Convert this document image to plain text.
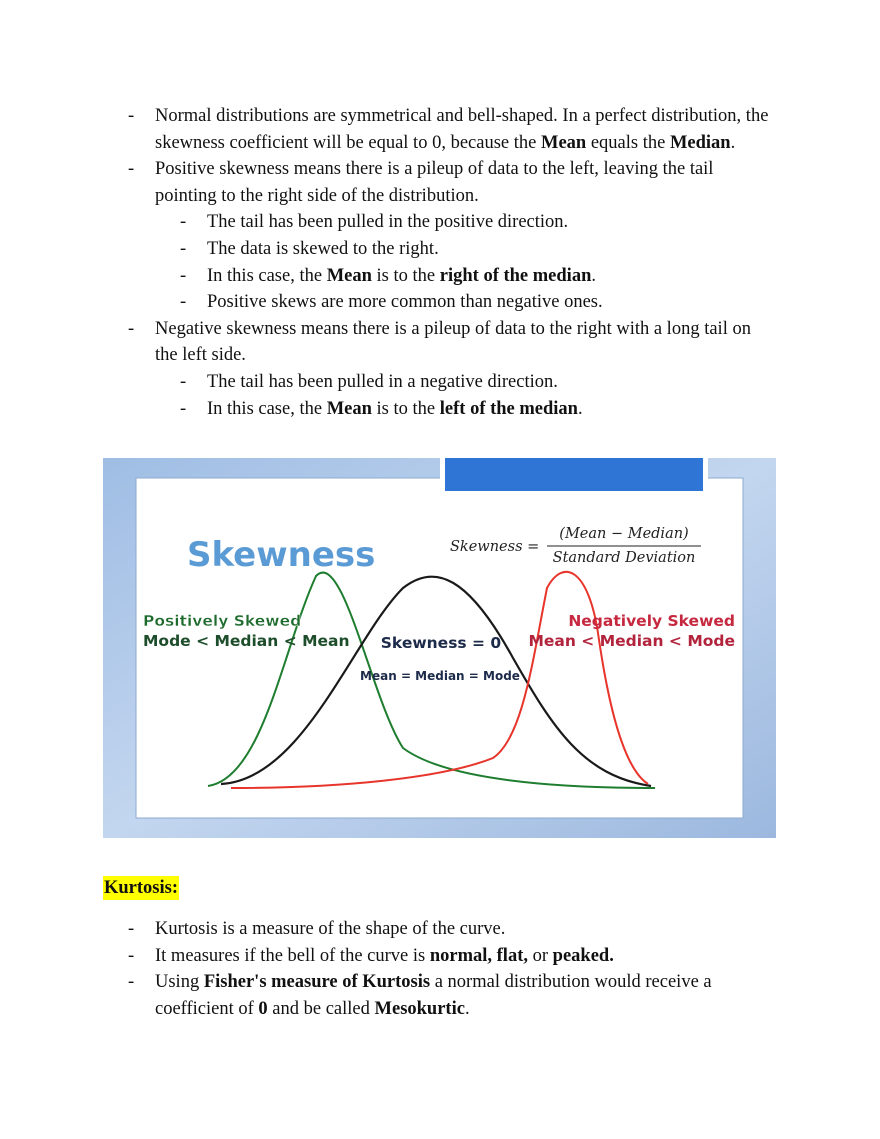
- Normal distributions are symmetrical and bell-shaped. In a perfect distribution, the skewness coefficient will be equal to 0, because the Mean equals the Median.
- Positive skewness means there is a pileup of data to the left, leaving the tail pointing to the right side of the distribution.
- The tail has been pulled in the positive direction.
- The data is skewed to the right.
- In this case, the Mean is to the right of the median.
- Positive skews are more common than negative ones.
- Negative skewness means there is a pileup of data to the right with a long tail on the left side.
- The tail has been pulled in a negative direction.
- In this case, the Mean is to the left of the median.
Skewness	Skewness =
(Mean − Median)
Standard Deviation
Positively Skewed
Mode < Median < Mean Skewness = 0
Mean = Median = Mode
Negatively Skewed
Mean < Median < Mode
Kurtosis:
- Kurtosis is a measure of the shape of the curve.
- It measures if the bell of the curve is normal, flat, or peaked.
- Using Fisher's measure of Kurtosis a normal distribution would receive a coefficient of 0 and be called Mesokurtic.
